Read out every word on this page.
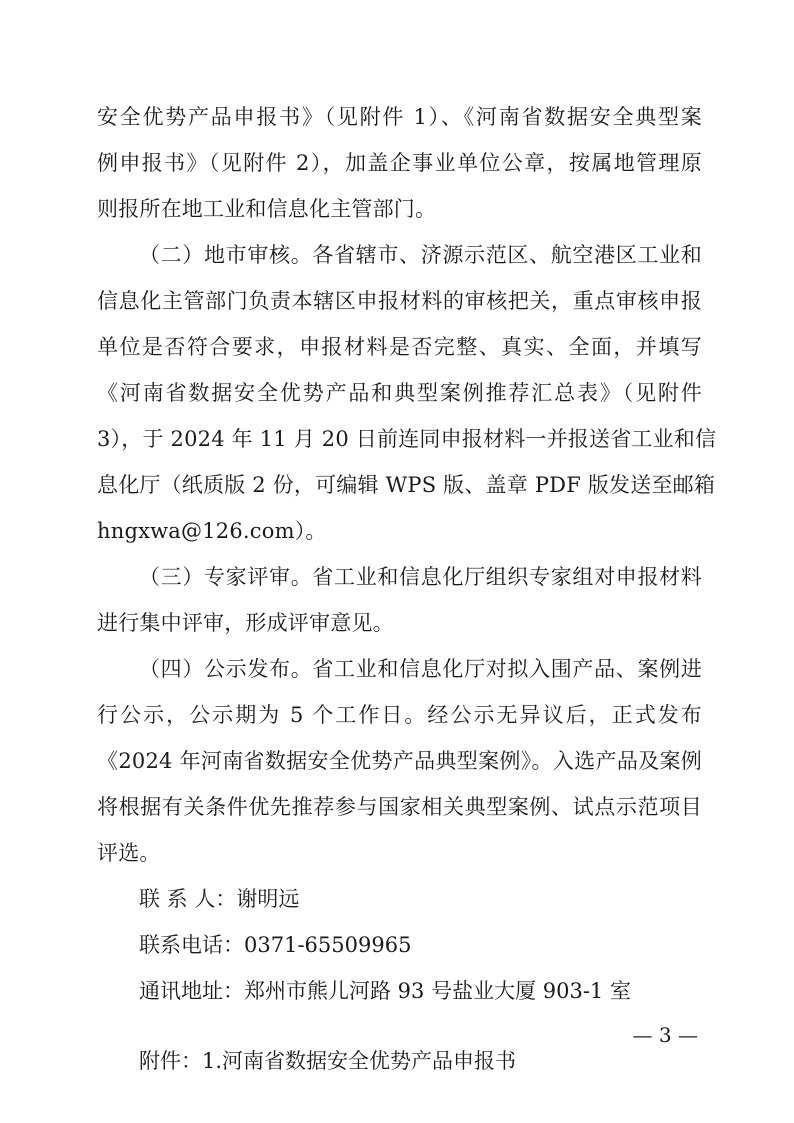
安全优势产品申报书》（见附件 1）、《河南省数据安全典型案
例申报书》（见附件 2），加盖企事业单位公章，按属地管理原
则报所在地工业和信息化主管部门。
（二）地市审核。各省辖市、济源示范区、航空港区工业和
信息化主管部门负责本辖区申报材料的审核把关，重点审核申报
单位是否符合要求，申报材料是否完整、真实、全面，并填写
《河南省数据安全优势产品和典型案例推荐汇总表》（见附件
3），于 2024 年 11 月 20 日前连同申报材料一并报送省工业和信
息化厅（纸质版 2 份，可编辑 WPS 版、盖章 PDF 版发送至邮箱
hngxwa@126.com）。
（三）专家评审。省工业和信息化厅组织专家组对申报材料
进行集中评审，形成评审意见。
（四）公示发布。省工业和信息化厅对拟入围产品、案例进
行公示，公示期为 5 个工作日。经公示无异议后，正式发布
《2024 年河南省数据安全优势产品典型案例》。入选产品及案例
将根据有关条件优先推荐参与国家相关典型案例、试点示范项目
评选。
联 系 人：谢明远
联系电话：0371-65509965
通讯地址：郑州市熊儿河路 93 号盐业大厦 903-1 室
附件：1.河南省数据安全优势产品申报书
— 3 —
